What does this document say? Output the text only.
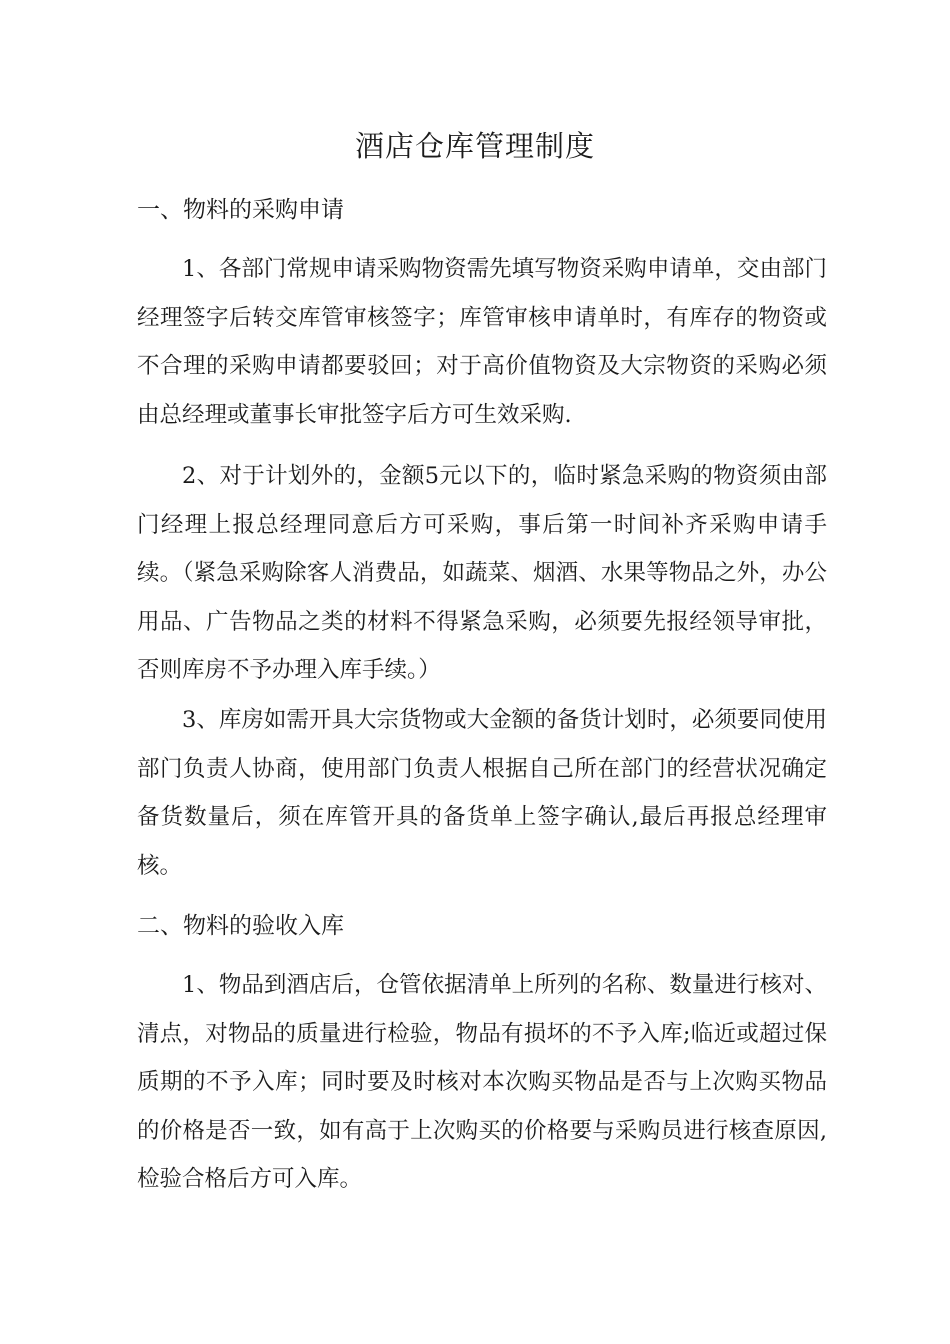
酒店仓库管理制度
一、物料的采购申请

1、各部门常规申请采购物资需先填写物资采购申请单，交由部门经理签字后转交库管审核签字；库管审核申请单时，有库存的物资或不合理的采购申请都要驳回；对于高价值物资及大宗物资的采购必须由总经理或董事长审批签字后方可生效采购.

2、对于计划外的，金额5元以下的，临时紧急采购的物资须由部门经理上报总经理同意后方可采购，事后第一时间补齐采购申请手续。（紧急采购除客人消费品，如蔬菜、烟酒、水果等物品之外，办公用品、广告物品之类的材料不得紧急采购，必须要先报经领导审批，否则库房不予办理入库手续。）

3、库房如需开具大宗货物或大金额的备货计划时，必须要同使用部门负责人协商，使用部门负责人根据自己所在部门的经营状况确定备货数量后，须在库管开具的备货单上签字确认,最后再报总经理审核。

二、物料的验收入库

1、物品到酒店后，仓管依据清单上所列的名称、数量进行核对、清点，对物品的质量进行检验，物品有损坏的不予入库;临近或超过保质期的不予入库；同时要及时核对本次购买物品是否与上次购买物品的价格是否一致，如有高于上次购买的价格要与采购员进行核查原因,检验合格后方可入库。
